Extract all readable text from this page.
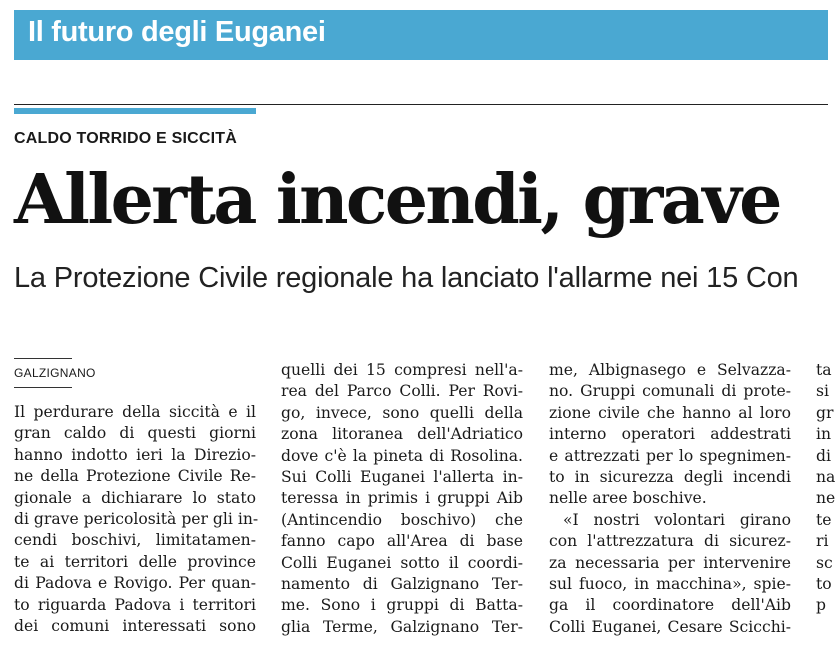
Il futuro degli Euganei
CALDO TORRIDO E SICCITÀ
Allerta incendi, grave
La Protezione Civile regionale ha lanciato l'allarme nei 15 Con
GALZIGNANO
Il perdurare della siccità e il
gran caldo di questi giorni
hanno indotto ieri la Direzio-
ne della Protezione Civile Re-
gionale a dichiarare lo stato
di grave pericolosità per gli in-
cendi boschivi, limitatamen-
te ai territori delle province
di Padova e Rovigo. Per quan-
to riguarda Padova i territori
dei comuni interessati sono
quelli dei 15 compresi nell'a-
rea del Parco Colli. Per Rovi-
go, invece, sono quelli della
zona litoranea dell'Adriatico
dove c'è la pineta di Rosolina.
Sui Colli Euganei l'allerta in-
teressa in primis i gruppi Aib
(Antincendio boschivo) che
fanno capo all'Area di base
Colli Euganei sotto il coordi-
namento di Galzignano Ter-
me. Sono i gruppi di Batta-
glia Terme, Galzignano Ter-
me, Albignasego e Selvazza-
no. Gruppi comunali di prote-
zione civile che hanno al loro
interno operatori addestrati
e attrezzati per lo spegnimen-
to in sicurezza degli incendi
nelle aree boschive.
«I nostri volontari girano
con l'attrezzatura di sicurez-
za necessaria per intervenire
sul fuoco, in macchina», spie-
ga il coordinatore dell'Aib
Colli Euganei, Cesare Scicchi-
ta
si
gr
in
di
na
ne
te
ri
sc
to
p
